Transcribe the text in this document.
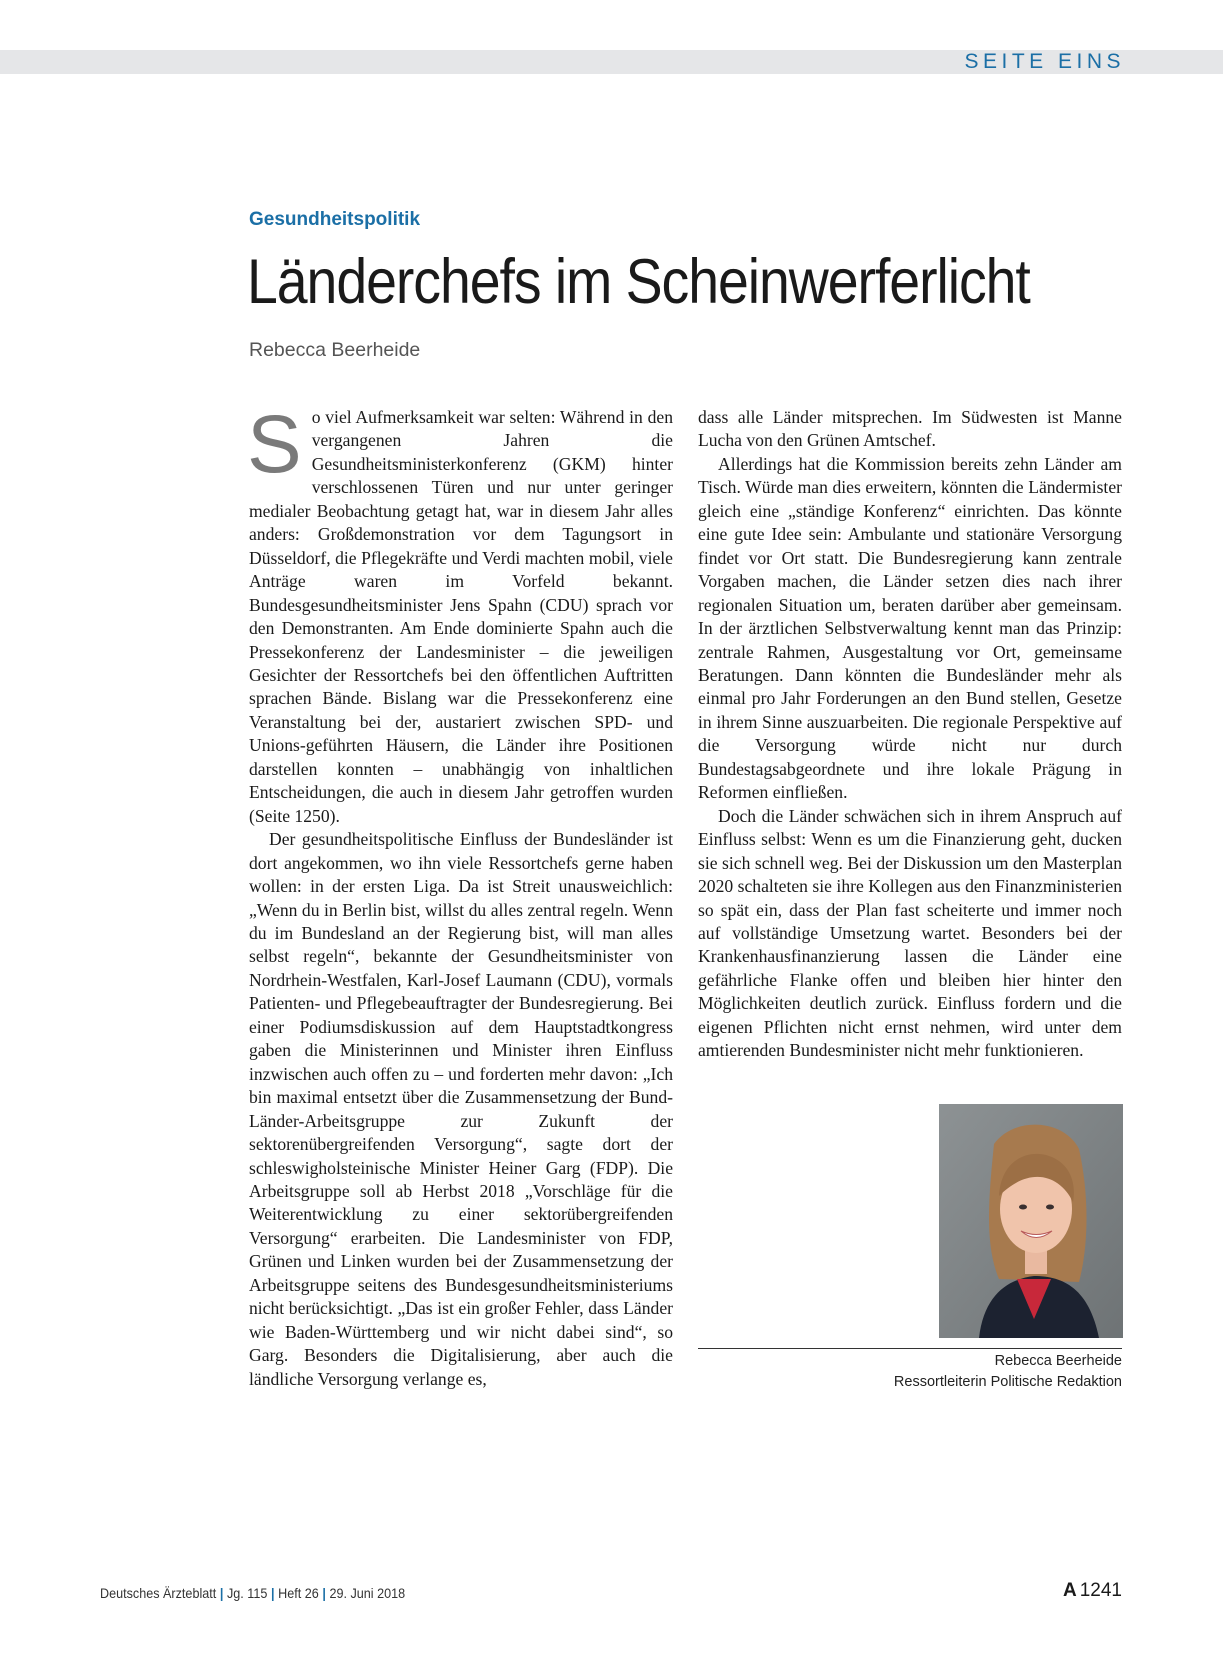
SEITE EINS
Gesundheitspolitik
Länderchefs im Scheinwerferlicht
Rebecca Beerheide

So viel Aufmerksamkeit war selten: Während in den vergangenen Jahren die Gesundheitsministerkonferenz (GKM) hinter verschlossenen Türen und nur unter geringer medialer Beobachtung getagt hat, war in diesem Jahr alles anders: Großdemonstration vor dem Tagungsort in Düsseldorf, die Pflegekräfte und Verdi machten mobil, viele Anträge waren im Vorfeld bekannt. Bundesgesundheitsminister Jens Spahn (CDU) sprach vor den Demonstranten. Am Ende dominierte Spahn auch die Pressekonferenz der Landesminister – die jeweiligen Gesichter der Ressortchefs bei den öffentlichen Auftritten sprachen Bände. Bislang war die Pressekonferenz eine Veranstaltung bei der, austariert zwischen SPD- und Unions-geführten Häusern, die Länder ihre Positionen darstellen konnten – unabhängig von inhaltlichen Entscheidungen, die auch in diesem Jahr getroffen wurden (Seite 1250).

Der gesundheitspolitische Einfluss der Bundesländer ist dort angekommen, wo ihn viele Ressortchefs gerne haben wollen: in der ersten Liga. Da ist Streit unausweichlich: „Wenn du in Berlin bist, willst du alles zentral regeln. Wenn du im Bundesland an der Regierung bist, will man alles selbst regeln“, bekannte der Gesundheitsminister von Nordrhein-Westfalen, Karl-Josef Laumann (CDU), vormals Patienten- und Pflegebeauftragter der Bundesregierung. Bei einer Podiumsdiskussion auf dem Hauptstadtkongress gaben die Ministerinnen und Minister ihren Einfluss inzwischen auch offen zu – und forderten mehr davon: „Ich bin maximal entsetzt über die Zusammensetzung der Bund-Länder-Arbeitsgruppe zur Zukunft der sektorenübergreifenden Versorgung“, sagte dort der schleswigholsteinische Minister Heiner Garg (FDP). Die Arbeitsgruppe soll ab Herbst 2018 „Vorschläge für die Weiterentwicklung zu einer sektorübergreifenden Versorgung“ erarbeiten. Die Landesminister von FDP, Grünen und Linken wurden bei der Zusammensetzung der Arbeitsgruppe seitens des Bundesgesundheitsministeriums nicht berücksichtigt. „Das ist ein großer Fehler, dass Länder wie Baden-Württemberg und wir nicht dabei sind“, so Garg. Besonders die Digitalisierung, aber auch die ländliche Versorgung verlange es,

dass alle Länder mitsprechen. Im Südwesten ist Manne Lucha von den Grünen Amtschef.

Allerdings hat die Kommission bereits zehn Länder am Tisch. Würde man dies erweitern, könnten die Ländermister gleich eine „ständige Konferenz“ einrichten. Das könnte eine gute Idee sein: Ambulante und stationäre Versorgung findet vor Ort statt. Die Bundesregierung kann zentrale Vorgaben machen, die Länder setzen dies nach ihrer regionalen Situation um, beraten darüber aber gemeinsam. In der ärztlichen Selbstverwaltung kennt man das Prinzip: zentrale Rahmen, Ausgestaltung vor Ort, gemeinsame Beratungen. Dann könnten die Bundesländer mehr als einmal pro Jahr Forderungen an den Bund stellen, Gesetze in ihrem Sinne auszuarbeiten. Die regionale Perspektive auf die Versorgung würde nicht nur durch Bundestagsabgeordnete und ihre lokale Prägung in Reformen einfließen.

Doch die Länder schwächen sich in ihrem Anspruch auf Einfluss selbst: Wenn es um die Finanzierung geht, ducken sie sich schnell weg. Bei der Diskussion um den Masterplan 2020 schalteten sie ihre Kollegen aus den Finanzministerien so spät ein, dass der Plan fast scheiterte und immer noch auf vollständige Umsetzung wartet. Besonders bei der Krankenhausfinanzierung lassen die Länder eine gefährliche Flanke offen und bleiben hier hinter den Möglichkeiten deutlich zurück. Einfluss fordern und die eigenen Pflichten nicht ernst nehmen, wird unter dem amtierenden Bundesminister nicht mehr funktionieren.

Rebecca Beerheide
Ressortleiterin Politische Redaktion
Deutsches Ärzteblatt | Jg. 115 | Heft 26 | 29. Juni 2018	A 1241
